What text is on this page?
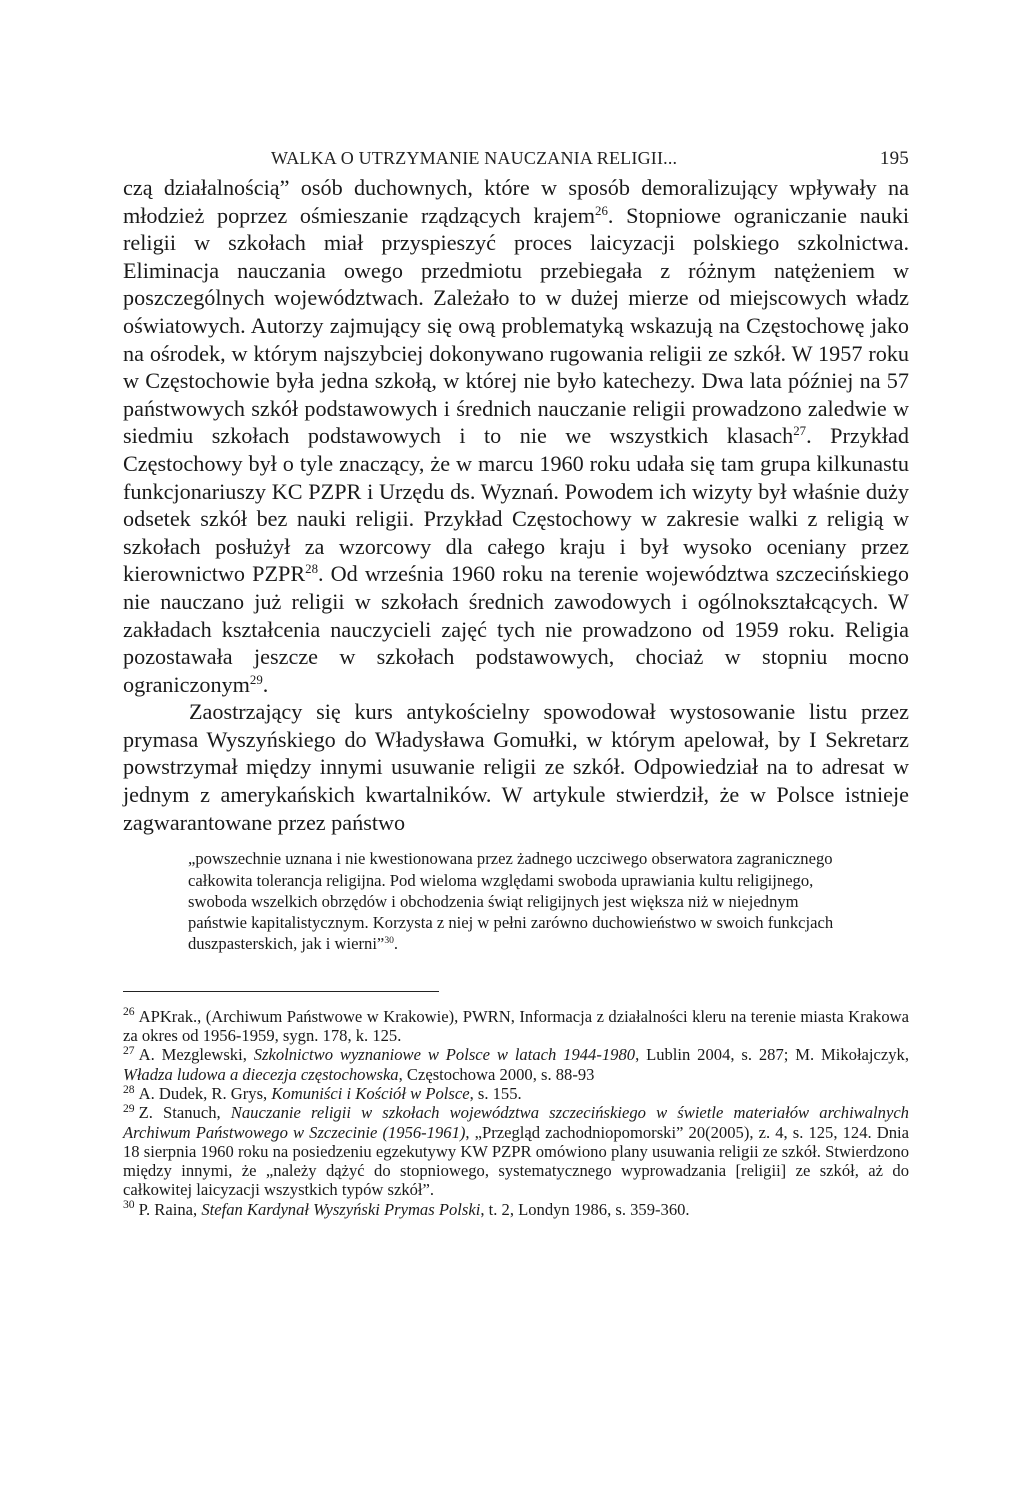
WALKA O UTRZYMANIE NAUCZANIA RELIGII...	195

czą działalnością” osób duchownych, które w sposób demoralizujący wpływały na młodzież poprzez ośmieszanie rządzących krajem$^{26}$. Stopniowe ograniczanie nauki religii w szkołach miał przyspieszyć proces laicyzacji polskiego szkolnictwa. Eliminacja nauczania owego przedmiotu przebiegała z różnym natężeniem w poszczególnych województwach. Zależało to w dużej mierze od miejscowych władz oświatowych. Autorzy zajmujący się ową problematyką wskazują na Częstochowę jako na ośrodek, w którym najszybciej dokonywano rugowania religii ze szkół. W 1957 roku w Częstochowie była jedna szkołą, w której nie było katechezy. Dwa lata później na 57 państwowych szkół podstawowych i średnich nauczanie religii prowadzono zaledwie w siedmiu szkołach podstawowych i to nie we wszystkich klasach$^{27}$. Przykład Częstochowy był o tyle znaczący, że w marcu 1960 roku udała się tam grupa kilkunastu funkcjonariuszy KC PZPR i Urzędu ds. Wyznań. Powodem ich wizyty był właśnie duży odsetek szkół bez nauki religii. Przykład Częstochowy w zakresie walki z religią w szkołach posłużył za wzorcowy dla całego kraju i był wysoko oceniany przez kierownictwo PZPR$^{28}$. Od września 1960 roku na terenie województwa szczecińskiego nie nauczano już religii w szkołach średnich zawodowych i ogólnokształcących. W zakładach kształcenia nauczycieli zajęć tych nie prowadzono od 1959 roku. Religia pozostawała jeszcze w szkołach podstawowych, chociaż w stopniu mocno ograniczonym$^{29}$.

Zaostrzający się kurs antykościelny spowodował wystosowanie listu przez prymasa Wyszyńskiego do Władysława Gomułki, w którym apelował, by I Sekretarz powstrzymał między innymi usuwanie religii ze szkół. Odpowiedział na to adresat w jednym z amerykańskich kwartalników. W artykule stwierdził, że w Polsce istnieje zagwarantowane przez państwo

„powszechnie uznana i nie kwestionowana przez żadnego uczciwego obserwatora zagranicznego całkowita tolerancja religijna. Pod wieloma względami swoboda uprawiania kultu religijnego, swoboda wszelkich obrzędów i obchodzenia świąt religijnych jest większa niż w niejednym państwie kapitalistycznym. Korzysta z niej w pełni zarówno duchowieństwo w swoich funkcjach duszpasterskich, jak i wierni”$^{30}$.

$^{26}$ APKrak., (Archiwum Państwowe w Krakowie), PWRN, Informacja z działalności kleru na terenie miasta Krakowa za okres od 1956-1959, sygn. 178, k. 125.

$^{27}$ A. Mezglewski, Szkolnictwo wyznaniowe w Polsce w latach 1944-1980, Lublin 2004, s. 287; M. Mikołajczyk, Władza ludowa a diecezja częstochowska, Częstochowa 2000, s. 88-93

$^{28}$ A. Dudek, R. Grys, Komuniści i Kościół w Polsce, s. 155.

$^{29}$ Z. Stanuch, Nauczanie religii w szkołach województwa szczecińskiego w świetle materiałów archiwalnych Archiwum Państwowego w Szczecinie (1956-1961), „Przegląd zachodniopomorski” 20(2005), z. 4, s. 125, 124. Dnia 18 sierpnia 1960 roku na posiedzeniu egzekutywy KW PZPR omówiono plany usuwania religii ze szkół. Stwierdzono między innymi, że „należy dążyć do stopniowego, systematycznego wyprowadzania [religii] ze szkół, aż do całkowitej laicyzacji wszystkich typów szkół”.

$^{30}$ P. Raina, Stefan Kardynał Wyszyński Prymas Polski, t. 2, Londyn 1986, s. 359-360.
